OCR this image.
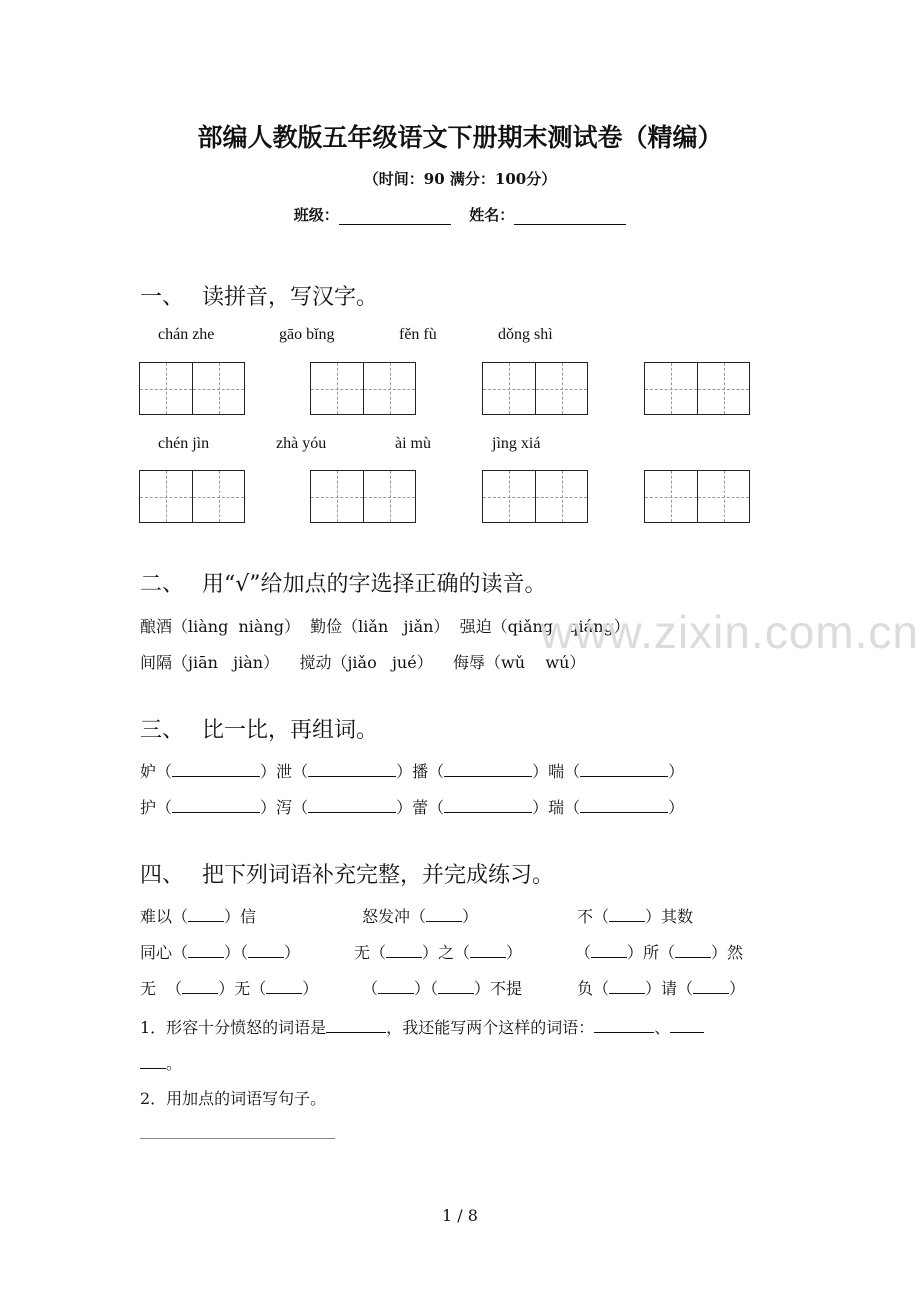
部编人教版五年级语文下册期末测试卷（精编）
（时间：90 满分：100分）
班级：	姓名：
一、 读拼音，写汉字。
chán zhe	gāo bǐng	fěn fù	dǒng shì
chén jìn	zhà yóu	ài mù	jìng xiá
二、 用“√”给加点的字选择正确的读音。
酿酒（liàng  niàng）  勤俭（liǎn   jiǎn）  强迫（qiǎng   qiáng）
间隔（jiān   jiàn）    搅动（jiǎo   jué）    侮辱（wǔ    wú）
www.zixin.com.cn
三、 比一比，再组词。
妒（	）泄（	）播（	）喘（	）
护（	）泻（	）蕾（	）瑞（	）
四、 把下列词语补充完整，并完成练习。
难以（ ）信	怒发冲（ ）	不（ ）其数
同心（ ）（ ）	无（ ）之（ ）	（ ）所（ ）然
无  （ ）无（ ）	（ ）（ ）不提	负（ ）请（ ）
1．形容十分愤怒的词语是	，我还能写两个这样的词语：	、
。
2．用加点的词语写句子。
1 / 8
